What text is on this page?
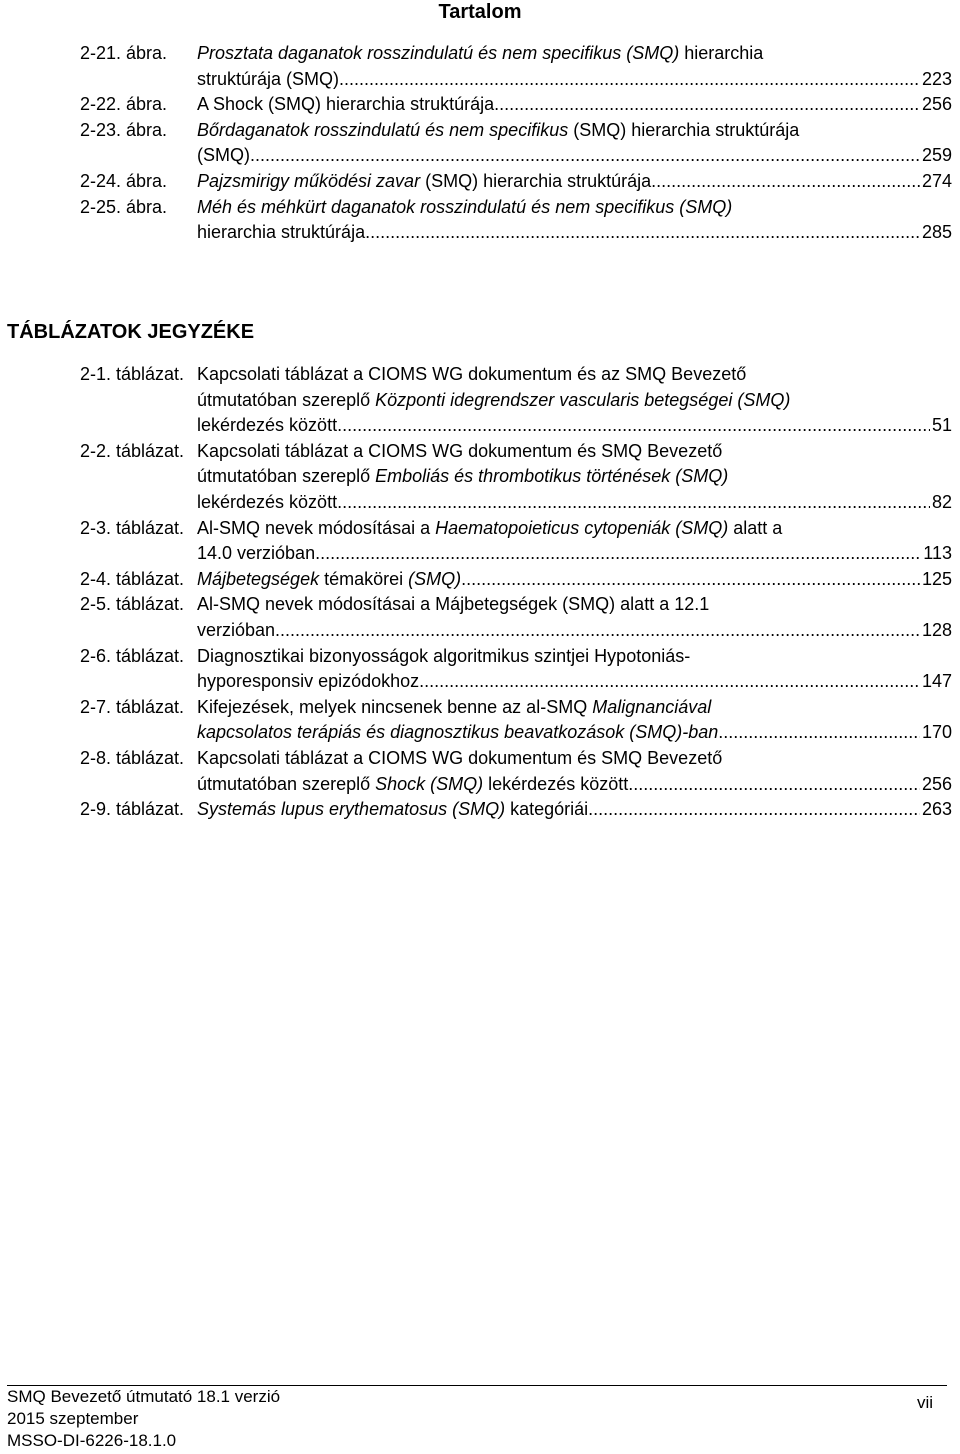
Tartalom
2-21. ábra. Prosztata daganatok rosszindulatú és nem specifikus (SMQ) hierarchia
struktúrája (SMQ) .....	223
2-22. ábra. A Shock (SMQ) hierarchia struktúrája .....	256
2-23. ábra. Bőrdaganatok rosszindulatú és nem specifikus (SMQ) hierarchia struktúrája
(SMQ) .....	259
2-24. ábra. Pajzsmirigy működési zavar (SMQ) hierarchia struktúrája .....	274
2-25. ábra. Méh és méhkürt daganatok rosszindulatú és nem specifikus (SMQ)
hierarchia struktúrája .....	285
TÁBLÁZATOK JEGYZÉKE
2-1. táblázat. Kapcsolati táblázat a CIOMS WG dokumentum és az SMQ Bevezető
útmutatóban szereplő Központi idegrendszer vascularis betegségei (SMQ)
lekérdezés között .....	51
2-2. táblázat. Kapcsolati táblázat a CIOMS WG dokumentum és SMQ Bevezető
útmutatóban szereplő Emboliás és thrombotikus történések (SMQ)
lekérdezés között .....	82
2-3. táblázat. Al-SMQ nevek módosításai a Haematopoieticus cytopeniák (SMQ) alatt a
14.0 verzióban. .....	113
2-4. táblázat. Májbetegségek témakörei (SMQ) .....	125
2-5. táblázat. Al-SMQ nevek módosításai a Májbetegségek (SMQ) alatt a 12.1
verzióban .....	128
2-6. táblázat. Diagnosztikai bizonyosságok algoritmikus szintjei Hypotoniás-
hyporesponsiv epizódokhoz. .....	147
2-7. táblázat. Kifejezések, melyek nincsenek benne az al-SMQ Malignanciával
kapcsolatos terápiás és diagnosztikus beavatkozások (SMQ)-ban .....	170
2-8. táblázat. Kapcsolati táblázat a CIOMS WG dokumentum és SMQ Bevezető
útmutatóban szereplő Shock (SMQ) lekérdezés között .....	256
2-9. táblázat. Systemás lupus erythematosus (SMQ) kategóriái .....	263
SMQ Bevezető útmutató 18.1 verzió
2015 szeptember
MSSO-DI-6226-18.1.0
vii
